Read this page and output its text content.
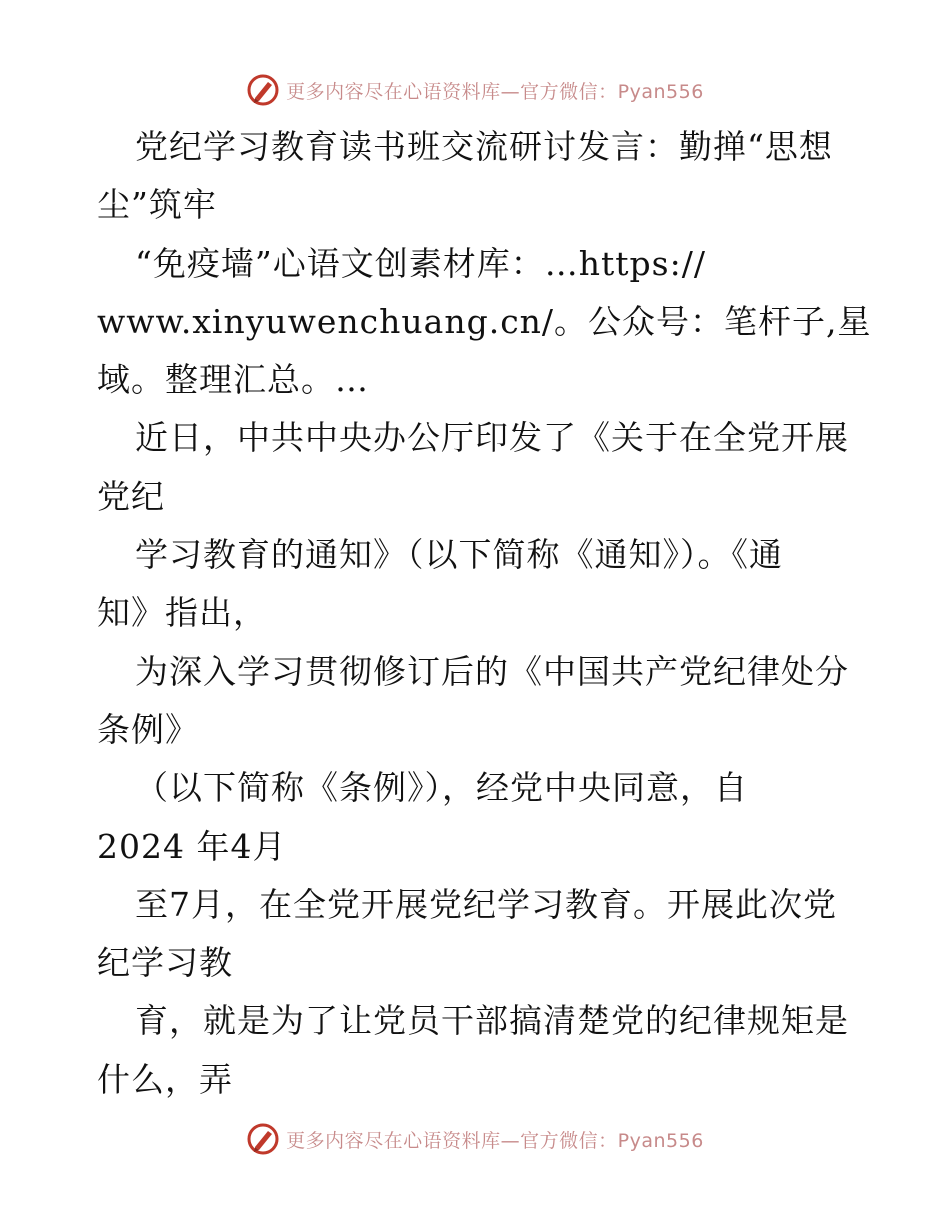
更多内容尽在心语资料库—官方微信：Pyan556
党纪学习教育读书班交流研讨发言：勤掸“思想
尘”筑牢
“免疫墙”心语文创素材库：…https://
www.xinyuwenchuang.cn/。公众号：笔杆子,星
域。整理汇总。…
近日，中共中央办公厅印发了《关于在全党开展
党纪
学习教育的通知》（以下简称《通知》）。《通
知》指出，
为深入学习贯彻修订后的《中国共产党纪律处分
条例》
（以下简称《条例》），经党中央同意，自
2024 年4月
至7月，在全党开展党纪学习教育。开展此次党
纪学习教
育，就是为了让党员干部搞清楚党的纪律规矩是
什么，弄
更多内容尽在心语资料库—官方微信：Pyan556
